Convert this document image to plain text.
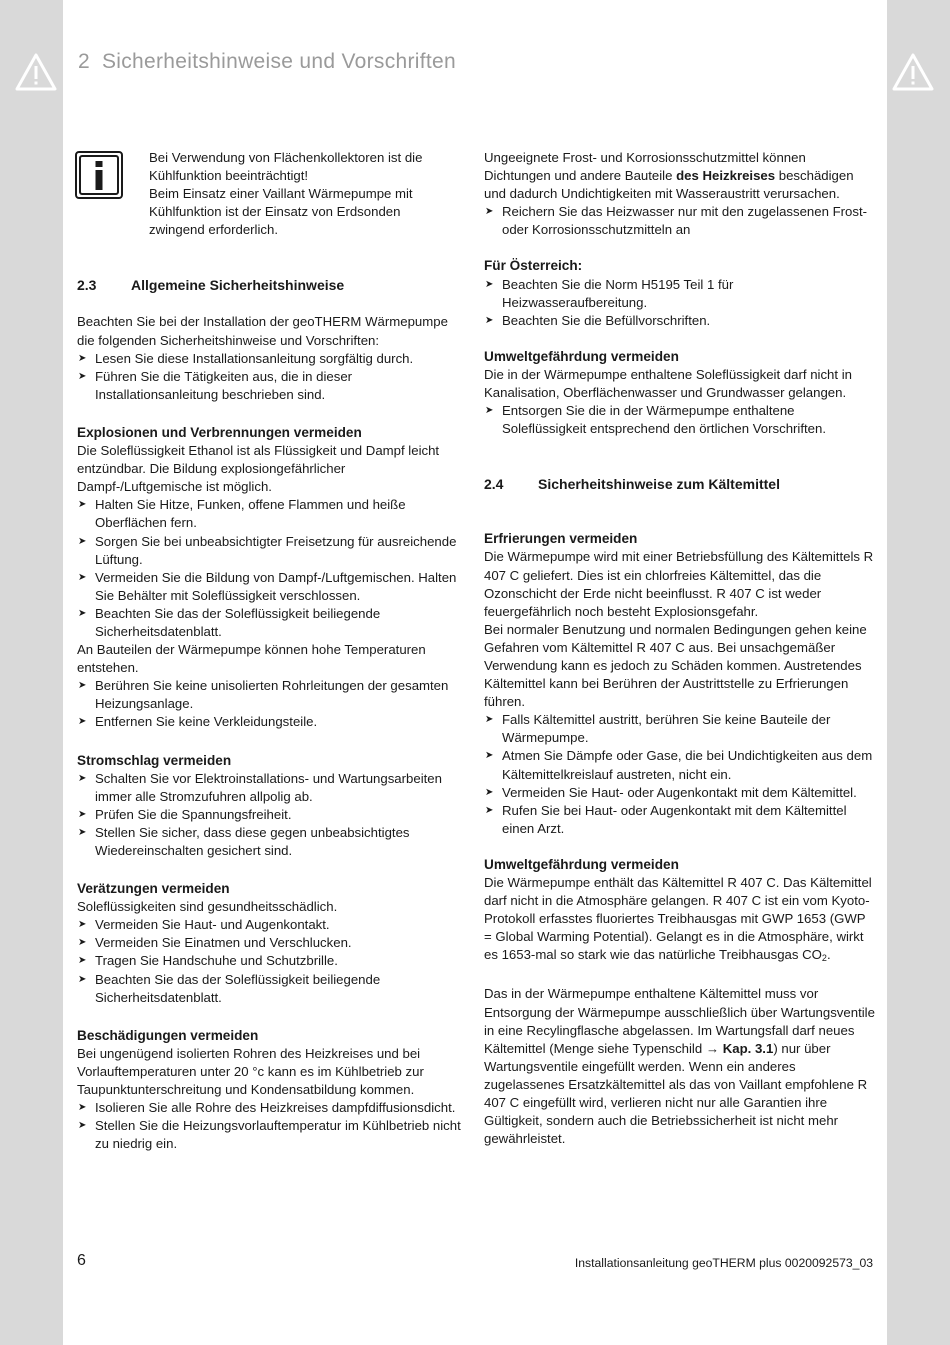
2 Sicherheitshinweise und Vorschriften

Bei Verwendung von Flächenkollektoren ist die

Kühlfunktion beeinträchtigt!

Beim Einsatz einer Vaillant Wärmepumpe mit

Kühlfunktion ist der Einsatz von Erdsonden

zwingend erforderlich.

2.3 Allgemeine Sicherheitshinweise

Beachten Sie bei der Installation der geoTHERM Wärmepumpe die folgenden Sicherheitshinweise und Vorschriften:

➤ Lesen Sie diese Installationsanleitung sorgfältig durch.
➤ Führen Sie die Tätigkeiten aus, die in dieser Installationsanleitung beschrieben sind.
Explosionen und Verbrennungen vermeiden

Die Soleflüssigkeit Ethanol ist als Flüssigkeit und Dampf leicht entzündbar. Die Bildung explosiongefährlicher Dampf-/Luftgemische ist möglich.

➤ Halten Sie Hitze, Funken, offene Flammen und heiße Oberflächen fern.
➤ Sorgen Sie bei unbeabsichtigter Freisetzung für ausreichende Lüftung.
➤ Vermeiden Sie die Bildung von Dampf-/Luftgemischen. Halten Sie Behälter mit Soleflüssigkeit verschlossen.
➤ Beachten Sie das der Soleflüssigkeit beiliegende Sicherheitsdatenblatt.

An Bauteilen der Wärmepumpe können hohe Temperaturen entstehen.

➤ Berühren Sie keine unisolierten Rohrleitungen der gesamten Heizungsanlage.
➤ Entfernen Sie keine Verkleidungsteile.
Stromschlag vermeiden
➤ Schalten Sie vor Elektroinstallations- und Wartungsarbeiten immer alle Stromzufuhren allpolig ab.
➤ Prüfen Sie die Spannungsfreiheit.
➤ Stellen Sie sicher, dass diese gegen unbeabsichtigtes Wiedereinschalten gesichert sind.
Verätzungen vermeiden

Soleflüssigkeiten sind gesundheitsschädlich.

➤ Vermeiden Sie Haut- und Augenkontakt.
➤ Vermeiden Sie Einatmen und Verschlucken.
➤ Tragen Sie Handschuhe und Schutzbrille.
➤ Beachten Sie das der Soleflüssigkeit beiliegende Sicherheitsdatenblatt.
Beschädigungen vermeiden

Bei ungenügend isolierten Rohren des Heizkreises und bei Vorlauftemperaturen unter 20 °c kann es im Kühlbetrieb zur Taupunktunterschreitung und Kondensatbildung kommen.

➤ Isolieren Sie alle Rohre des Heizkreises dampfdiffusionsdicht.
➤ Stellen Sie die Heizungsvorlauftemperatur im Kühlbetrieb nicht zu niedrig ein.

Ungeeignete Frost- und Korrosionsschutzmittel können Dichtungen und andere Bauteile des Heizkreises beschädigen und dadurch Undichtigkeiten mit Wasseraustritt verursachen.

➤ Reichern Sie das Heizwasser nur mit den zugelassenen Frost- oder Korrosionsschutzmitteln an
Für Österreich:
➤ Beachten Sie die Norm H5195 Teil 1 für Heizwasseraufbereitung.
➤ Beachten Sie die Befüllvorschriften.
Umweltgefährdung vermeiden

Die in der Wärmepumpe enthaltene Soleflüssigkeit darf nicht in Kanalisation, Oberflächenwasser und Grundwasser gelangen.

➤ Entsorgen Sie die in der Wärmepumpe enthaltene Soleflüssigkeit entsprechend den örtlichen Vorschriften.
2.4 Sicherheitshinweise zum Kältemittel
Erfrierungen vermeiden

Die Wärmepumpe wird mit einer Betriebsfüllung des Kältemittels R 407 C geliefert. Dies ist ein chlorfreies Kältemittel, das die Ozonschicht der Erde nicht beeinflusst. R 407 C ist weder feuergefährlich noch besteht Explosionsgefahr.

Bei normaler Benutzung und normalen Bedingungen gehen keine Gefahren vom Kältemittel R 407 C aus. Bei unsachgemäßer Verwendung kann es jedoch zu Schäden kommen. Austretendes Kältemittel kann bei Berühren der Austrittstelle zu Erfrierungen führen.

➤ Falls Kältemittel austritt, berühren Sie keine Bauteile der Wärmepumpe.
➤ Atmen Sie Dämpfe oder Gase, die bei Undichtigkeiten aus dem Kältemittelkreislauf austreten, nicht ein.
➤ Vermeiden Sie Haut- oder Augenkontakt mit dem Kältemittel.
➤ Rufen Sie bei Haut- oder Augenkontakt mit dem Kältemittel einen Arzt.
Umweltgefährdung vermeiden

Die Wärmepumpe enthält das Kältemittel R 407 C. Das Kältemittel darf nicht in die Atmosphäre gelangen. R 407 C ist ein vom Kyoto-Protokoll erfasstes fluoriertes Treibhausgas mit GWP 1653 (GWP = Global Warming Potential). Gelangt es in die Atmosphäre, wirkt es 1653-mal so stark wie das natürliche Treibhausgas $CO_2$.

Das in der Wärmepumpe enthaltene Kältemittel muss vor Entsorgung der Wärmepumpe ausschließlich über Wartungsventile in eine Recylingflasche abgelassen. Im Wartungsfall darf neues Kältemittel (Menge siehe Typenschild → Kap. 3.1) nur über Wartungsventile eingefüllt werden. Wenn ein anderes zugelassenes Ersatzkältemittel als das von Vaillant empfohlene R 407 C eingefüllt wird, verlieren nicht nur alle Garantien ihre Gültigkeit, sondern auch die Betriebssicherheit ist nicht mehr gewährleistet.

6	Installationsanleitung geoTHERM plus 0020092573_03
